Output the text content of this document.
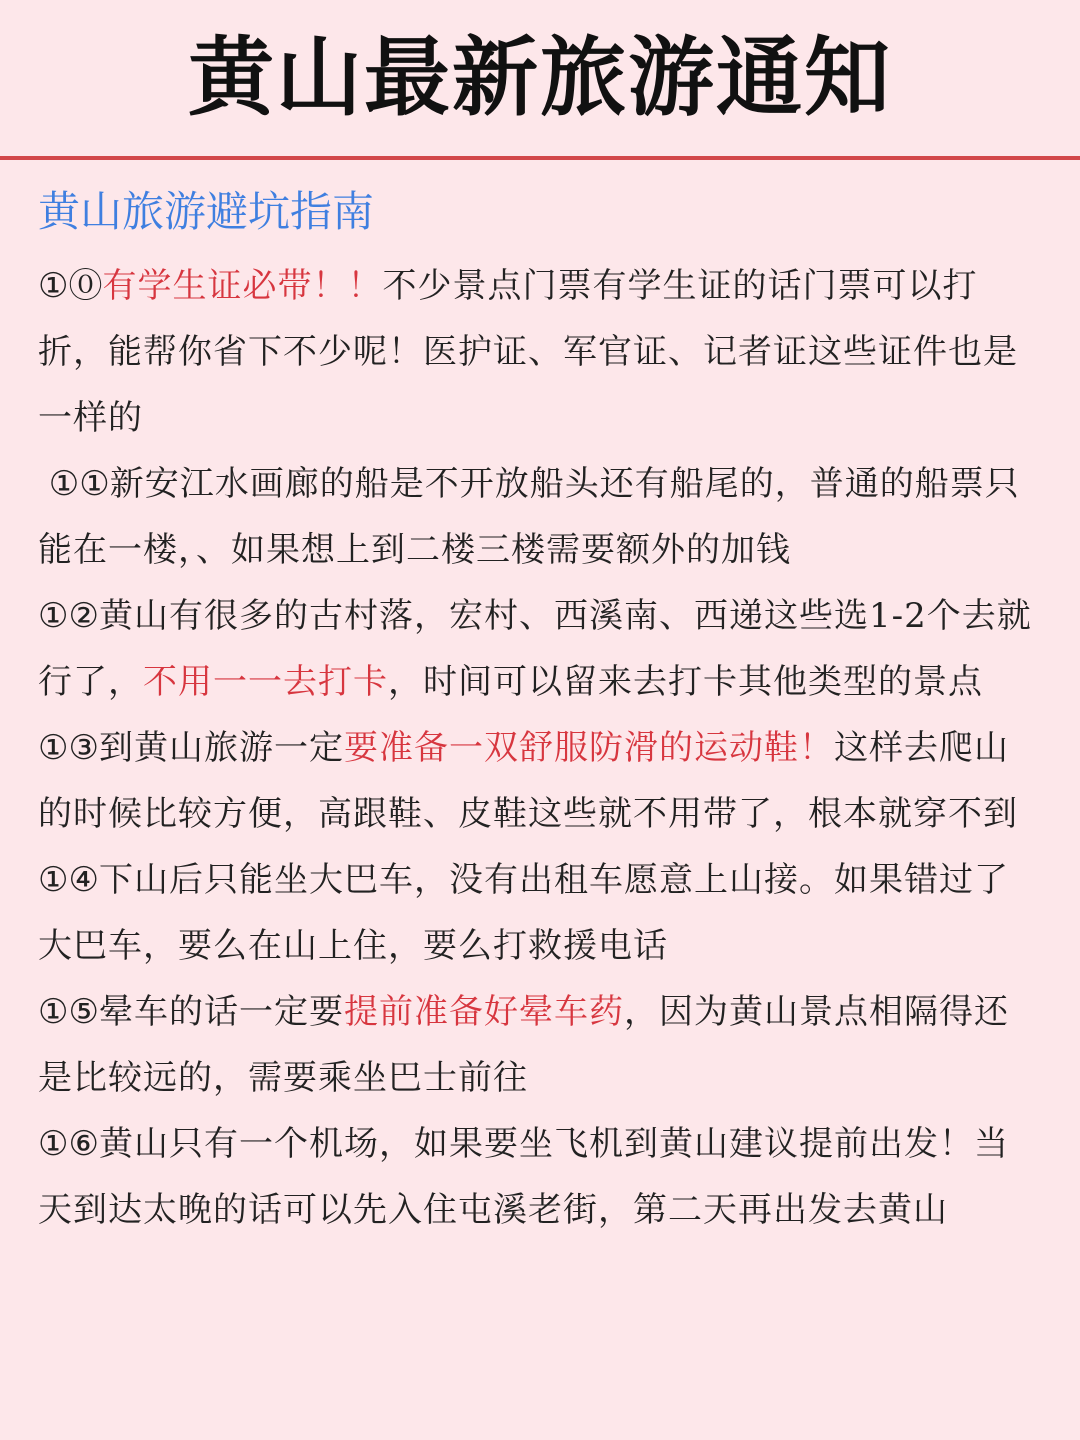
黄山最新旅游通知
黄山旅游避坑指南

①⓪有学生证必带！！不少景点门票有学生证的话门票可以打折，能帮你省下不少呢！医护证、军官证、记者证这些证件也是一样的

①①新安江水画廊的船是不开放船头还有船尾的，普通的船票只能在一楼，、如果想上到二楼三楼需要额外的加钱

①②黄山有很多的古村落，宏村、西溪南、西递这些选1-2个去就行了，不用一一去打卡，时间可以留来去打卡其他类型的景点

①③到黄山旅游一定要准备一双舒服防滑的运动鞋！这样去爬山的时候比较方便，高跟鞋、皮鞋这些就不用带了，根本就穿不到

①④下山后只能坐大巴车，没有出租车愿意上山接。如果错过了大巴车，要么在山上住，要么打救援电话

①⑤晕车的话一定要提前准备好晕车药，因为黄山景点相隔得还是比较远的，需要乘坐巴士前往

①⑥黄山只有一个机场，如果要坐飞机到黄山建议提前出发！当天到达太晚的话可以先入住屯溪老街，第二天再出发去黄山
